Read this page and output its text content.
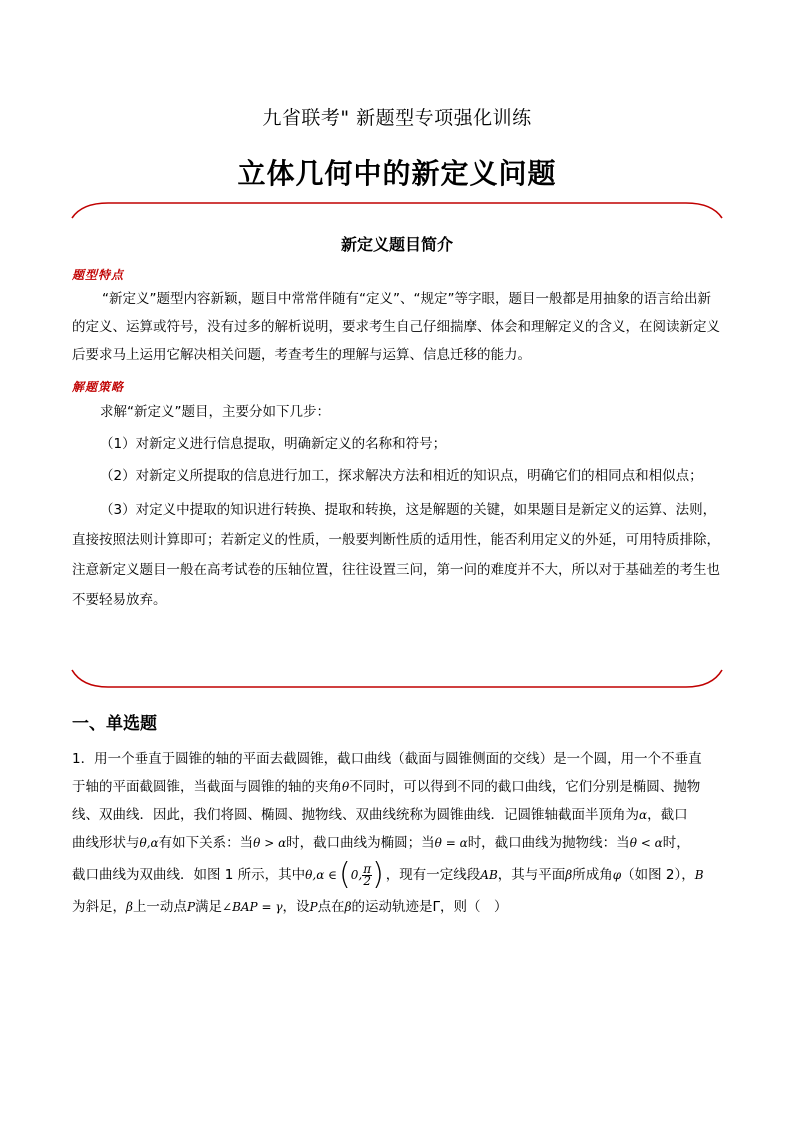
九省联考" 新题型专项强化训练
立体几何中的新定义问题
新定义题目简介
题型特点
“新定义”题型内容新颖，题目中常常伴随有“定义”、“规定”等字眼，题目一般都是用抽象的语言给出新的定义、运算或符号，没有过多的解析说明，要求考生自己仔细揣摩、体会和理解定义的含义，在阅读新定义后要求马上运用它解决相关问题，考查考生的理解与运算、信息迁移的能力。
解题策略
求解“新定义”题目，主要分如下几步：
（1）对新定义进行信息提取，明确新定义的名称和符号；
（2）对新定义所提取的信息进行加工，探求解决方法和相近的知识点，明确它们的相同点和相似点；
（3）对定义中提取的知识进行转换、提取和转换，这是解题的关键，如果题目是新定义的运算、法则，直接按照法则计算即可；若新定义的性质，一般要判断性质的适用性，能否利用定义的外延，可用特质排除，注意新定义题目一般在高考试卷的压轴位置，往往设置三问，第一问的难度并不大，所以对于基础差的考生也不要轻易放弃。
一、单选题
1．用一个垂直于圆锥的轴的平面去截圆锥，截口曲线（截面与圆锥侧面的交线）是一个圆，用一个不垂直
于轴的平面截圆锥，当截面与圆锥的轴的夹角θ不同时，可以得到不同的截口曲线，它们分别是椭圆、抛物
线、双曲线．因此，我们将圆、椭圆、抛物线、双曲线统称为圆锥曲线．记圆锥轴截面半顶角为α，截口
曲线形状与θ,α有如下关系：当θ > α时，截口曲线为椭圆；当θ = α时，截口曲线为抛物线：当θ < α时，
截口曲线为双曲线．如图 1 所示，其中θ,α ∈ ( 0, π
2 ) ，现有一定线段AB，其与平面β所成角φ（如图 2），B
为斜足，β上一动点P满足∠BAP = γ，设P点在β的运动轨迹是Γ，则（　）
